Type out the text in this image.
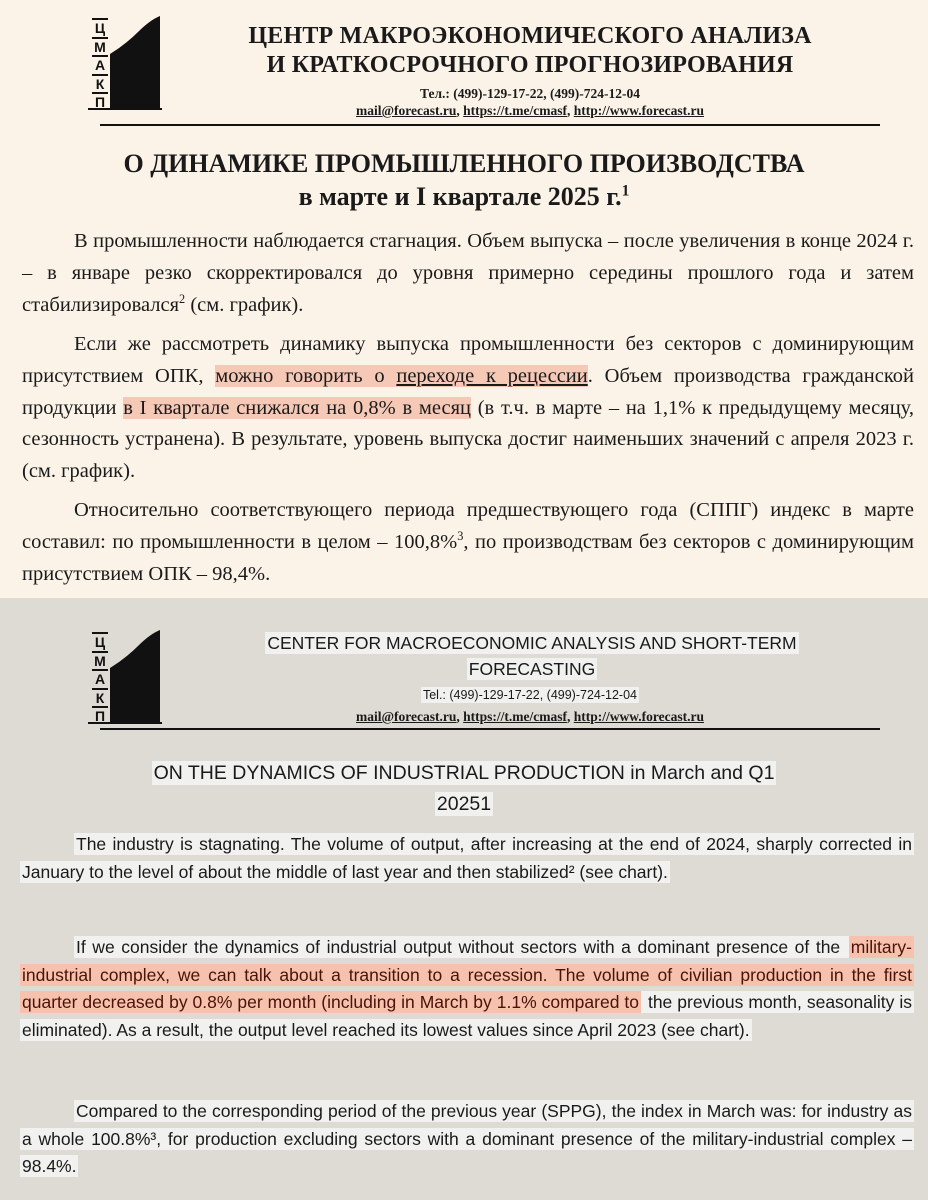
Ц
М
А
К
П
ЦЕНТР МАКРОЭКОНОМИЧЕСКОГО АНАЛИЗА
И КРАТКОСРОЧНОГО ПРОГНОЗИРОВАНИЯ
Тел.: (499)-129-17-22, (499)-724-12-04
mail@forecast.ru, https://t.me/cmasf, http://www.forecast.ru
О ДИНАМИКЕ ПРОМЫШЛЕННОГО ПРОИЗВОДСТВА
в марте и I квартале 2025 г.$^1$

В промышленности наблюдается стагнация. Объем выпуска – после увеличения в конце 2024 г. – в январе резко скорректировался до уровня примерно середины прошлого года и затем стабилизировался$^2$ (см. график).

Если же рассмотреть динамику выпуска промышленности без секторов с доминирующим присутствием ОПК, можно говорить о переходе к рецессии. Объем производства гражданской продукции в I квартале снижался на 0,8% в месяц (в т.ч. в марте – на 1,1% к предыдущему месяцу, сезонность устранена). В результате, уровень выпуска достиг наименьших значений с апреля 2023 г. (см. график).

Относительно соответствующего периода предшествующего года (СППГ) индекс в марте составил: по промышленности в целом – 100,8%$^3$, по производствам без секторов с доминирующим присутствием ОПК – 98,4%.

Ц
М
А
К
П
CENTER FOR MACROECONOMIC ANALYSIS AND SHORT-TERM
FORECASTING
Tel.: (499)-129-17-22, (499)-724-12-04
mail@forecast.ru, https://t.me/cmasf, http://www.forecast.ru
ON THE DYNAMICS OF INDUSTRIAL PRODUCTION in March and Q1
20251

The industry is stagnating. The volume of output, after increasing at the end of 2024, sharply corrected in January to the level of about the middle of last year and then stabilized² (see chart).

If we consider the dynamics of industrial output without sectors with a dominant presence of the military-industrial complex, we can talk about a transition to a recession. The volume of civilian production in the first quarter decreased by 0.8% per month (including in March by 1.1% compared to the previous month, seasonality is eliminated). As a result, the output level reached its lowest values since April 2023 (see chart).

Compared to the corresponding period of the previous year (SPPG), the index in March was: for industry as a whole 100.8%³, for production excluding sectors with a dominant presence of the military-industrial complex – 98.4%.
